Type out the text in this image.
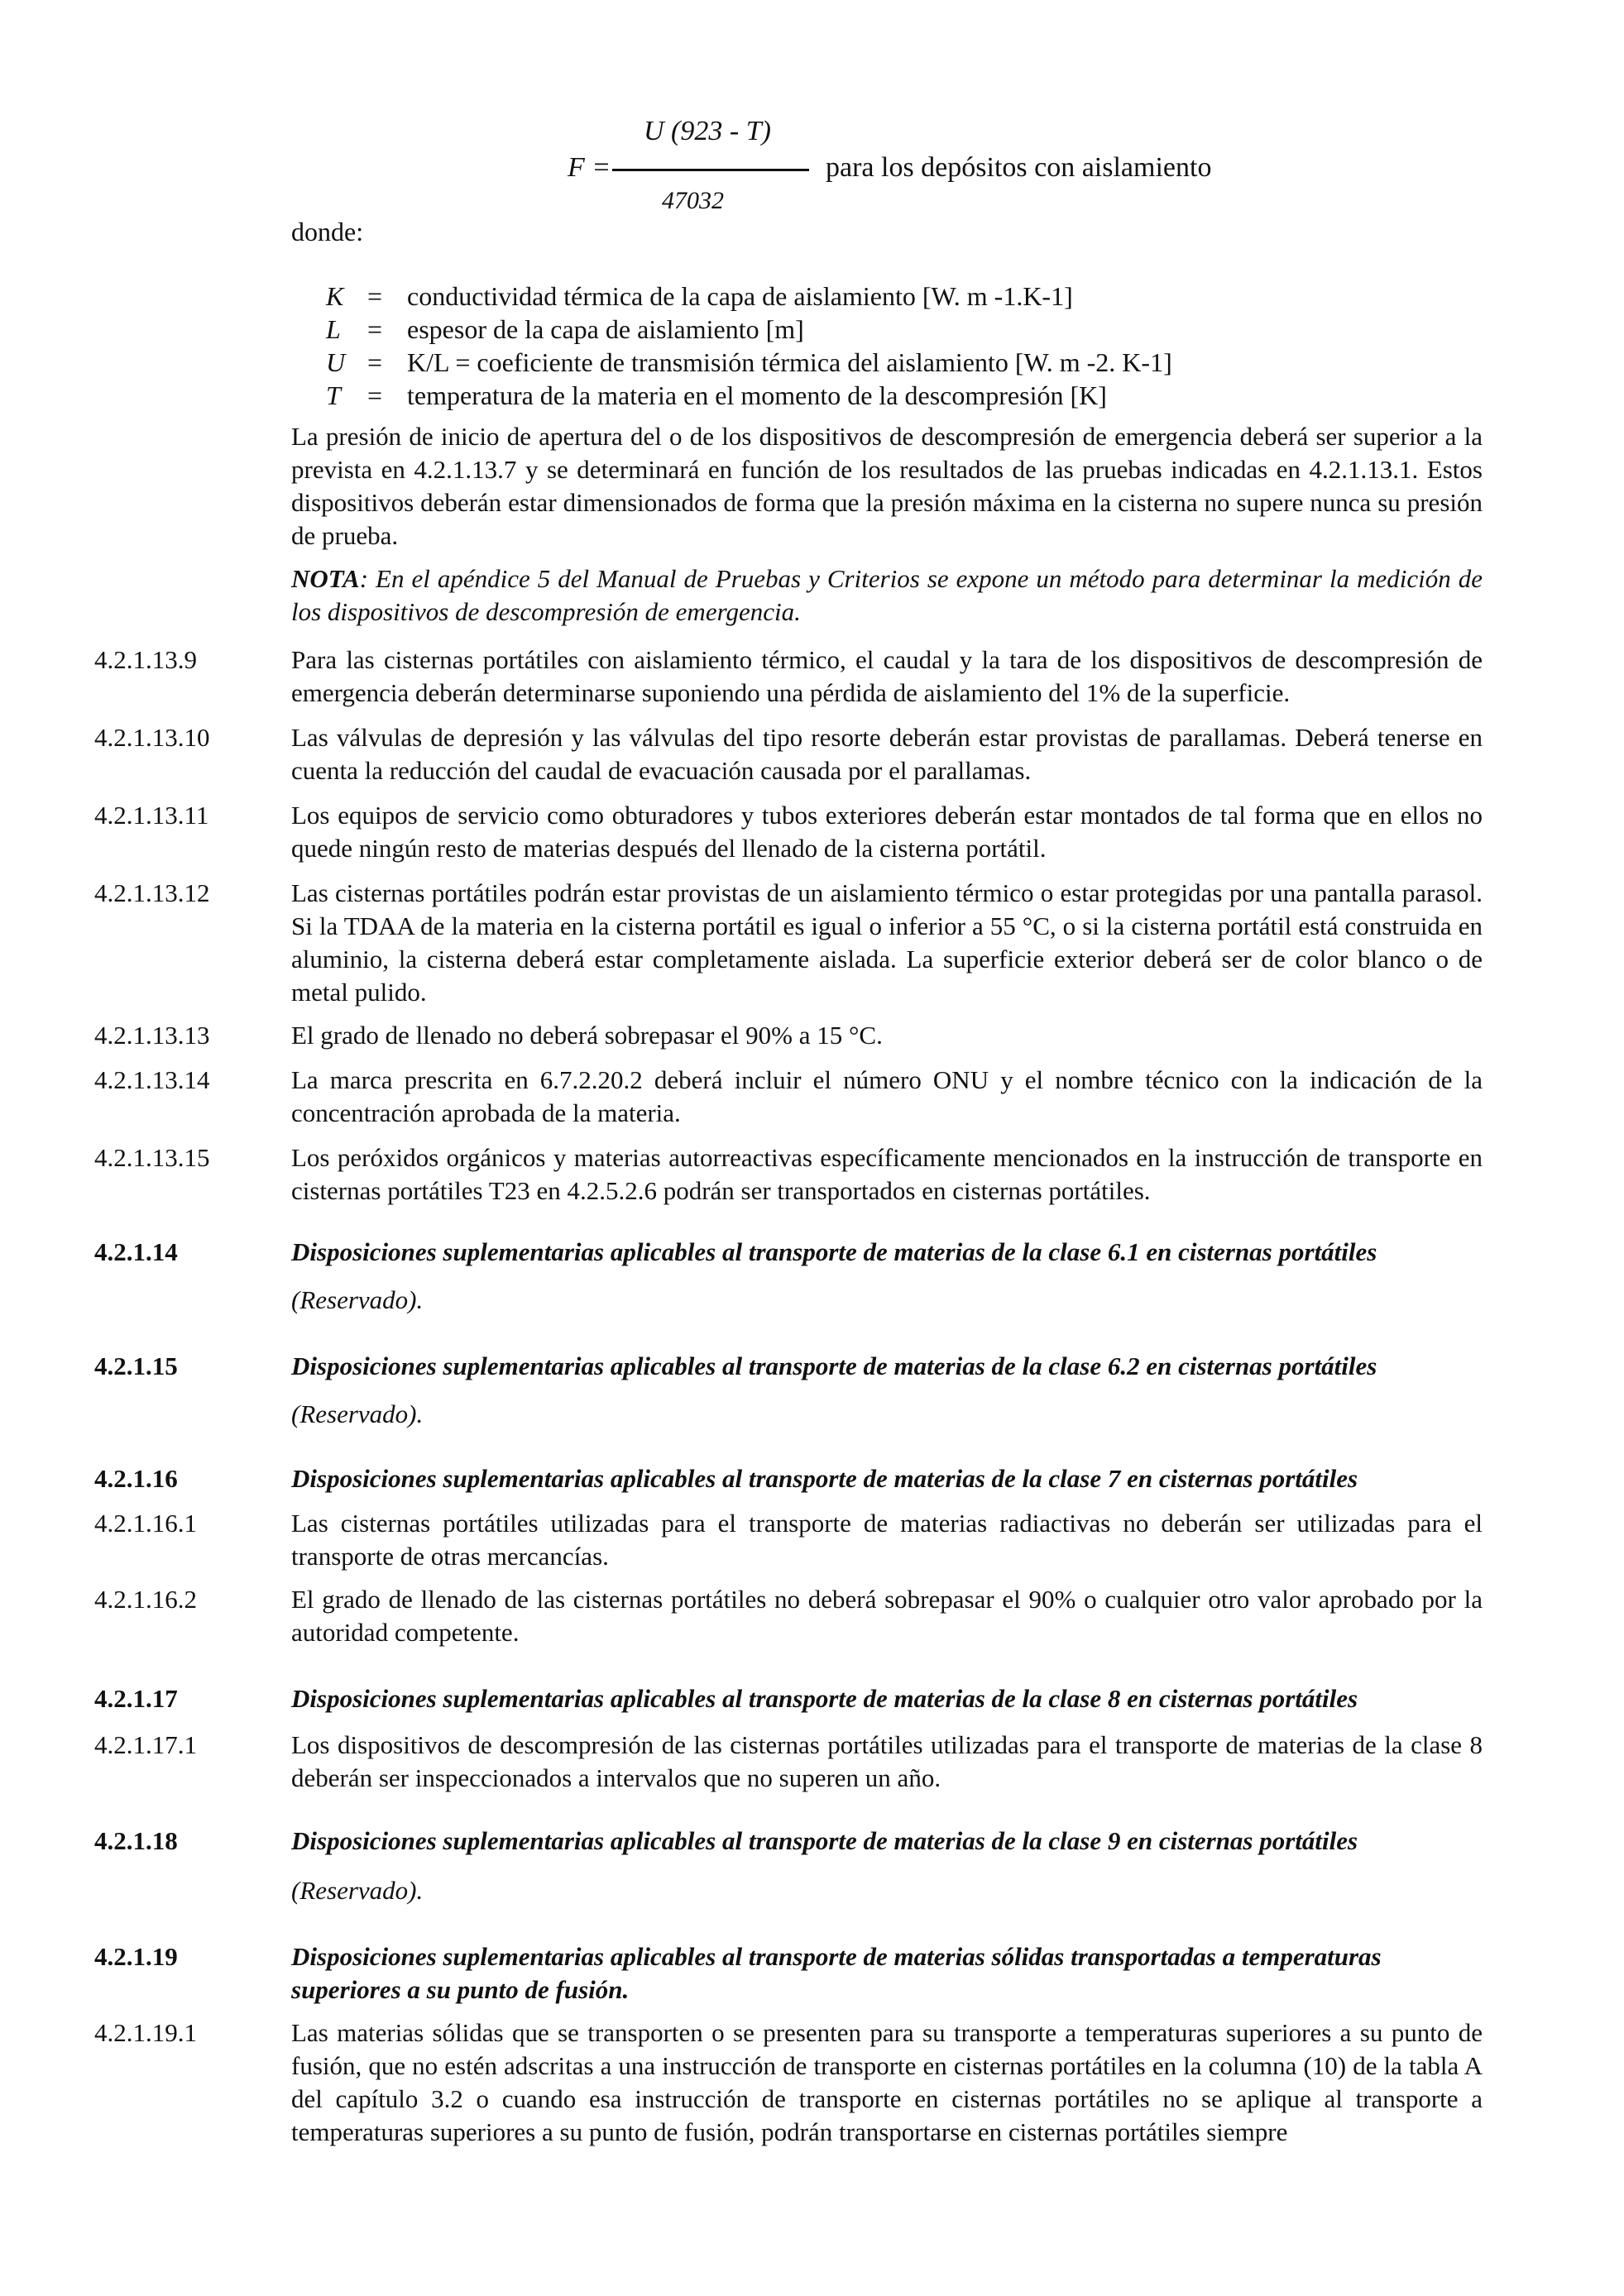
U (923 - T)
F =
47032
para los depósitos con aislamiento
donde:
K = conductividad térmica de la capa de aislamiento [W. m -1.K-1]
L	= espesor de la capa de aislamiento [m]
U = K/L = coeficiente de transmisión térmica del aislamiento [W. m -2. K-1]
T	= temperatura de la materia en el momento de la descompresión [K]
La presión de inicio de apertura del o de los dispositivos de descompresión de emergencia deberá ser superior a la prevista en 4.2.1.13.7 y se determinará en función de los resultados de las pruebas indicadas en 4.2.1.13.1. Estos dispositivos deberán estar dimensionados de forma que la presión máxima en la cisterna no supere nunca su presión de prueba.
NOTA: En el apéndice 5 del Manual de Pruebas y Criterios se expone un método para determinar la medición de los dispositivos de descompresión de emergencia.
4.2.1.13.9	Para las cisternas portátiles con aislamiento térmico, el caudal y la tara de los dispositivos de descompresión de emergencia deberán determinarse suponiendo una pérdida de aislamiento del 1% de la superficie.
4.2.1.13.10	Las válvulas de depresión y las válvulas del tipo resorte deberán estar provistas de parallamas. Deberá tenerse en cuenta la reducción del caudal de evacuación causada por el parallamas.
4.2.1.13.11	Los equipos de servicio como obturadores y tubos exteriores deberán estar montados de tal forma que en ellos no quede ningún resto de materias después del llenado de la cisterna portátil.
4.2.1.13.12	Las cisternas portátiles podrán estar provistas de un aislamiento térmico o estar protegidas por una pantalla parasol. Si la TDAA de la materia en la cisterna portátil es igual o inferior a 55 °C, o si la cisterna portátil está construida en aluminio, la cisterna deberá estar completamente aislada. La superficie exterior deberá ser de color blanco o de metal pulido.
4.2.1.13.13	El grado de llenado no deberá sobrepasar el 90% a 15 °C.
4.2.1.13.14	La marca prescrita en 6.7.2.20.2 deberá incluir el número ONU y el nombre técnico con la indicación de la concentración aprobada de la materia.
4.2.1.13.15	Los peróxidos orgánicos y materias autorreactivas específicamente mencionados en la instrucción de transporte en cisternas portátiles T23 en 4.2.5.2.6 podrán ser transportados en cisternas portátiles.
4.2.1.14	Disposiciones suplementarias aplicables al transporte de materias de la clase 6.1 en cisternas portátiles
(Reservado).
4.2.1.15	Disposiciones suplementarias aplicables al transporte de materias de la clase 6.2 en cisternas portátiles
(Reservado).
4.2.1.16	Disposiciones suplementarias aplicables al transporte de materias de la clase 7 en cisternas portátiles
4.2.1.16.1	Las cisternas portátiles utilizadas para el transporte de materias radiactivas no deberán ser utilizadas para el transporte de otras mercancías.
4.2.1.16.2	El grado de llenado de las cisternas portátiles no deberá sobrepasar el 90% o cualquier otro valor aprobado por la autoridad competente.
4.2.1.17	Disposiciones suplementarias aplicables al transporte de materias de la clase 8 en cisternas portátiles
4.2.1.17.1	Los dispositivos de descompresión de las cisternas portátiles utilizadas para el transporte de materias de la clase 8 deberán ser inspeccionados a intervalos que no superen un año.
4.2.1.18	Disposiciones suplementarias aplicables al transporte de materias de la clase 9 en cisternas portátiles
(Reservado).
4.2.1.19	Disposiciones suplementarias aplicables al transporte de materias sólidas transportadas a temperaturas superiores a su punto de fusión.
4.2.1.19.1	Las materias sólidas que se transporten o se presenten para su transporte a temperaturas superiores a su punto de fusión, que no estén adscritas a una instrucción de transporte en cisternas portátiles en la columna (10) de la tabla A del capítulo 3.2 o cuando esa instrucción de transporte en cisternas portátiles no se aplique al transporte a temperaturas superiores a su punto de fusión, podrán transportarse en cisternas portátiles siempre
